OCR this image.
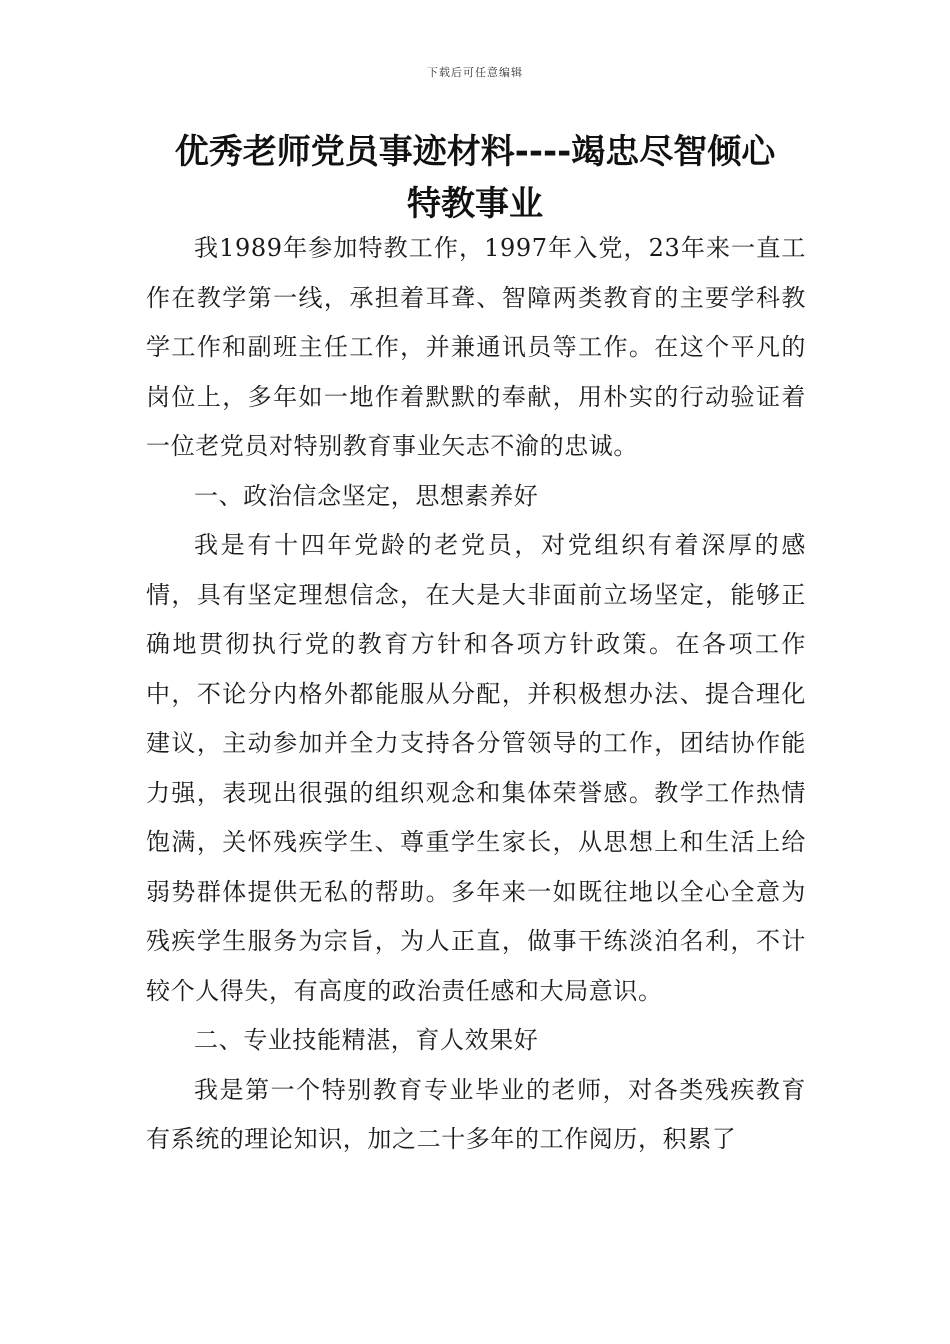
下载后可任意编辑
优秀老师党员事迹材料----竭忠尽智倾心
特教事业

我1989年参加特教工作，1997年入党，23年来一直工作在教学第一线，承担着耳聋、智障两类教育的主要学科教学工作和副班主任工作，并兼通讯员等工作。在这个平凡的岗位上，多年如一地作着默默的奉献，用朴实的行动验证着一位老党员对特别教育事业矢志不渝的忠诚。

一、政治信念坚定，思想素养好

我是有十四年党龄的老党员，对党组织有着深厚的感情，具有坚定理想信念，在大是大非面前立场坚定，能够正确地贯彻执行党的教育方针和各项方针政策。在各项工作中，不论分内格外都能服从分配，并积极想办法、提合理化建议，主动参加并全力支持各分管领导的工作，团结协作能力强，表现出很强的组织观念和集体荣誉感。教学工作热情饱满，关怀残疾学生、尊重学生家长，从思想上和生活上给弱势群体提供无私的帮助。多年来一如既往地以全心全意为残疾学生服务为宗旨，为人正直，做事干练淡泊名利，不计较个人得失，有高度的政治责任感和大局意识。

二、专业技能精湛，育人效果好

我是第一个特别教育专业毕业的老师，对各类残疾教育有系统的理论知识，加之二十多年的工作阅历，积累了
